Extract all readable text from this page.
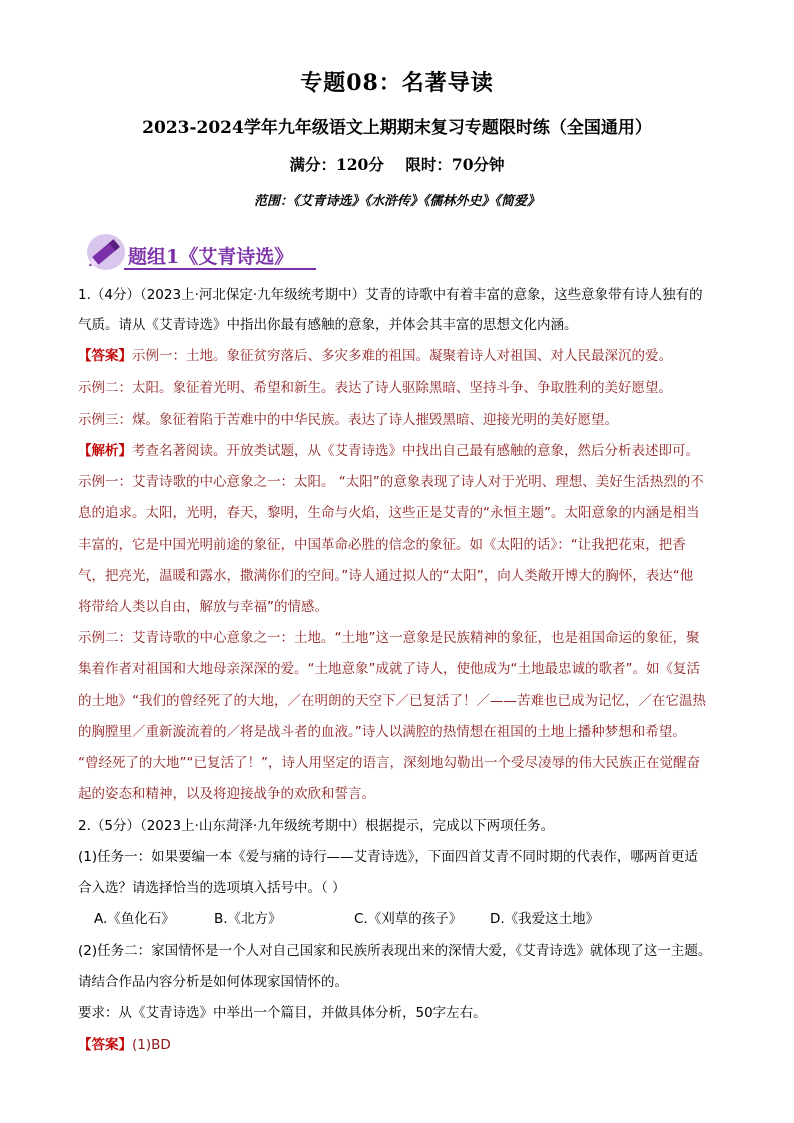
专题08：名著导读
2023-2024学年九年级语文上期期末复习专题限时练（全国通用）
满分：120分    限时：70分钟
范围：《艾青诗选》《水浒传》《儒林外史》《简爱》
题组1《艾青诗选》
1.（4分）（2023上·河北保定·九年级统考期中）艾青的诗歌中有着丰富的意象，这些意象带有诗人独有的
气质。请从《艾青诗选》中指出你最有感触的意象，并体会其丰富的思想文化内涵。
【答案】示例一：土地。象征贫穷落后、多灾多难的祖国。凝聚着诗人对祖国、对人民最深沉的爱。
示例二：太阳。象征着光明、希望和新生。表达了诗人驱除黑暗、坚持斗争、争取胜利的美好愿望。
示例三：煤。象征着陷于苦难中的中华民族。表达了诗人摧毁黑暗、迎接光明的美好愿望。
【解析】考查名著阅读。开放类试题，从《艾青诗选》中找出自己最有感触的意象，然后分析表述即可。
示例一：艾青诗歌的中心意象之一：太阳。 “太阳”的意象表现了诗人对于光明、理想、美好生活热烈的不
息的追求。太阳，光明，春天，黎明，生命与火焰，这些正是艾青的“永恒主题”。太阳意象的内涵是相当
丰富的，它是中国光明前途的象征，中国革命必胜的信念的象征。如《太阳的话》：“让我把花束，把香
气，把亮光，温暖和露水，撒满你们的空间。”诗人通过拟人的“太阳”，向人类敞开博大的胸怀，表达“他
将带给人类以自由，解放与幸福”的情感。
示例二：艾青诗歌的中心意象之一：土地。“土地”这一意象是民族精神的象征，也是祖国命运的象征，聚
集着作者对祖国和大地母亲深深的爱。“土地意象”成就了诗人，使他成为“土地最忠诚的歌者”。如《复活
的土地》“我们的曾经死了的大地，／在明朗的天空下／已复活了！／——苦难也已成为记忆，／在它温热
的胸膛里／重新漩流着的／将是战斗者的血液。”诗人以满腔的热情想在祖国的土地上播种梦想和希望。
“曾经死了的大地”“已复活了！”，诗人用坚定的语言，深刻地勾勒出一个受尽凌辱的伟大民族正在觉醒奋
起的姿态和精神，以及将迎接战争的欢欣和誓言。
2.（5分）（2023上·山东菏泽·九年级统考期中）根据提示，完成以下两项任务。
(1)任务一：如果要编一本《爱与痛的诗行——艾青诗选》，下面四首艾青不同时期的代表作，哪两首更适
合入选？请选择恰当的选项填入括号中。（ ）
A.《鱼化石》	B.《北方》	C.《刈草的孩子》 D.《我爱这土地》
(2)任务二：家国情怀是一个人对自己国家和民族所表现出来的深情大爱，《艾青诗选》就体现了这一主题。
请结合作品内容分析是如何体现家国情怀的。
要求：从《艾青诗选》中举出一个篇目，并做具体分析，50字左右。
【答案】(1)BD
